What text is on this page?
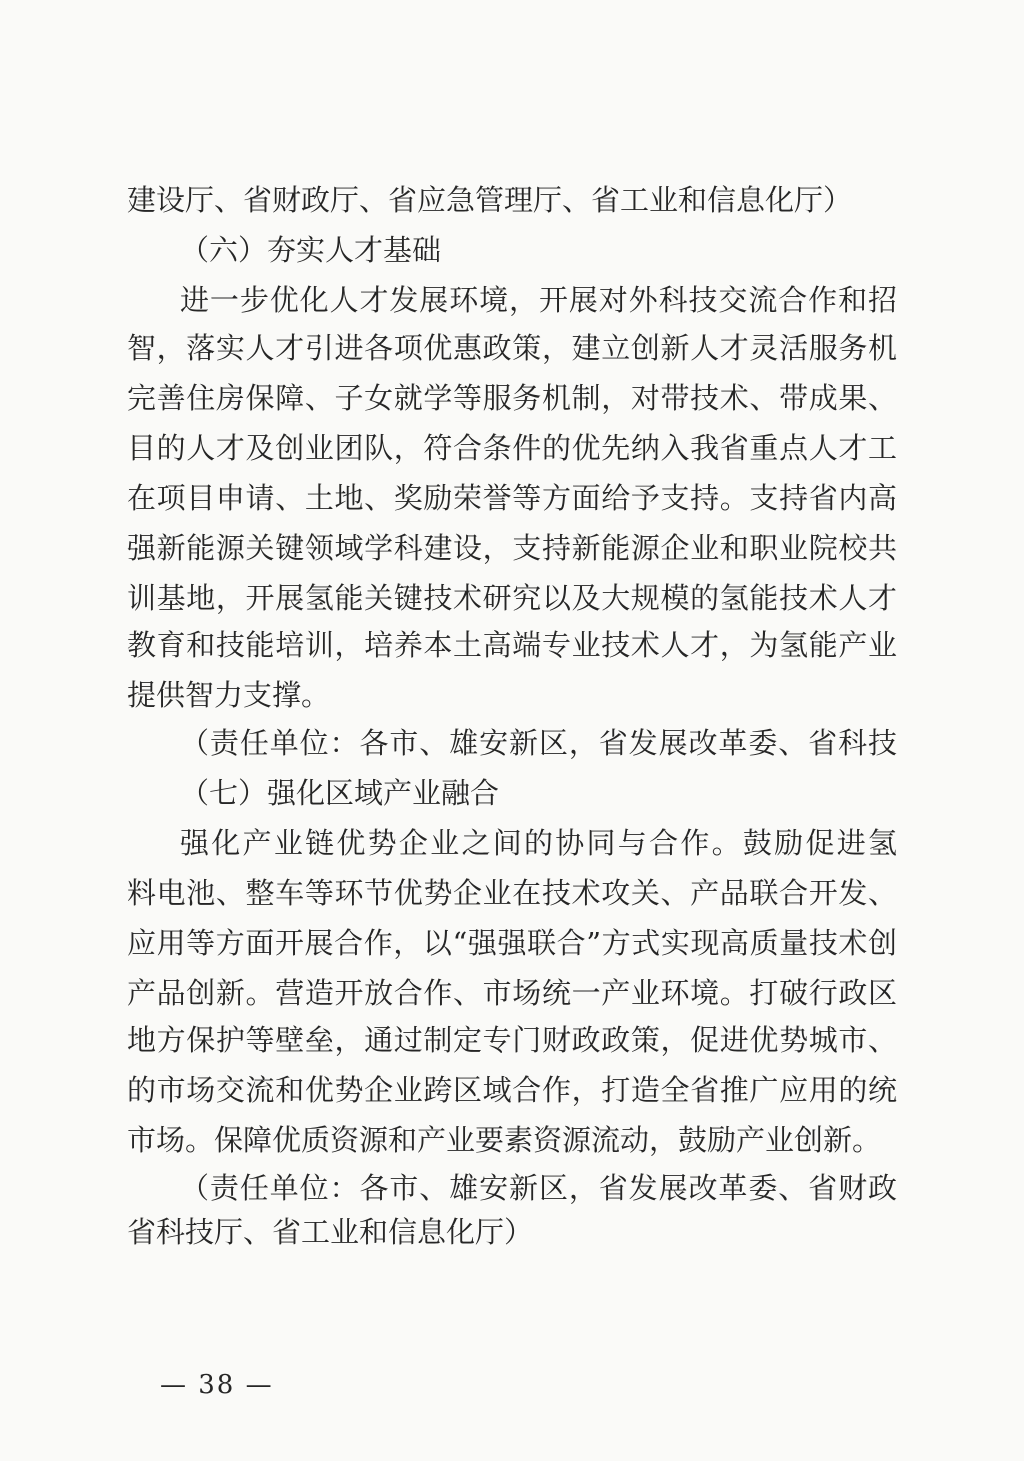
建设厅、省财政厅、省应急管理厅、省工业和信息化厅）
（六）夯实人才基础
进一步优化人才发展环境，开展对外科技交流合作和招
智，落实人才引进各项优惠政策，建立创新人才灵活服务机
完善住房保障、子女就学等服务机制，对带技术、带成果、
目的人才及创业团队，符合条件的优先纳入我省重点人才工
在项目申请、土地、奖励荣誉等方面给予支持。支持省内高
强新能源关键领域学科建设，支持新能源企业和职业院校共
训基地，开展氢能关键技术研究以及大规模的氢能技术人才
教育和技能培训，培养本土高端专业技术人才，为氢能产业
提供智力支撑。
（责任单位：各市、雄安新区，省发展改革委、省科技
（七）强化区域产业融合
强化产业链优势企业之间的协同与合作。鼓励促进氢
料电池、整车等环节优势企业在技术攻关、产品联合开发、
应用等方面开展合作，以“强强联合”方式实现高质量技术创
产品创新。营造开放合作、市场统一产业环境。打破行政区
地方保护等壁垒，通过制定专门财政政策，促进优势城市、
的市场交流和优势企业跨区域合作，打造全省推广应用的统
市场。保障优质资源和产业要素资源流动，鼓励产业创新。
（责任单位：各市、雄安新区，省发展改革委、省财政
省科技厅、省工业和信息化厅）
— 38 —
